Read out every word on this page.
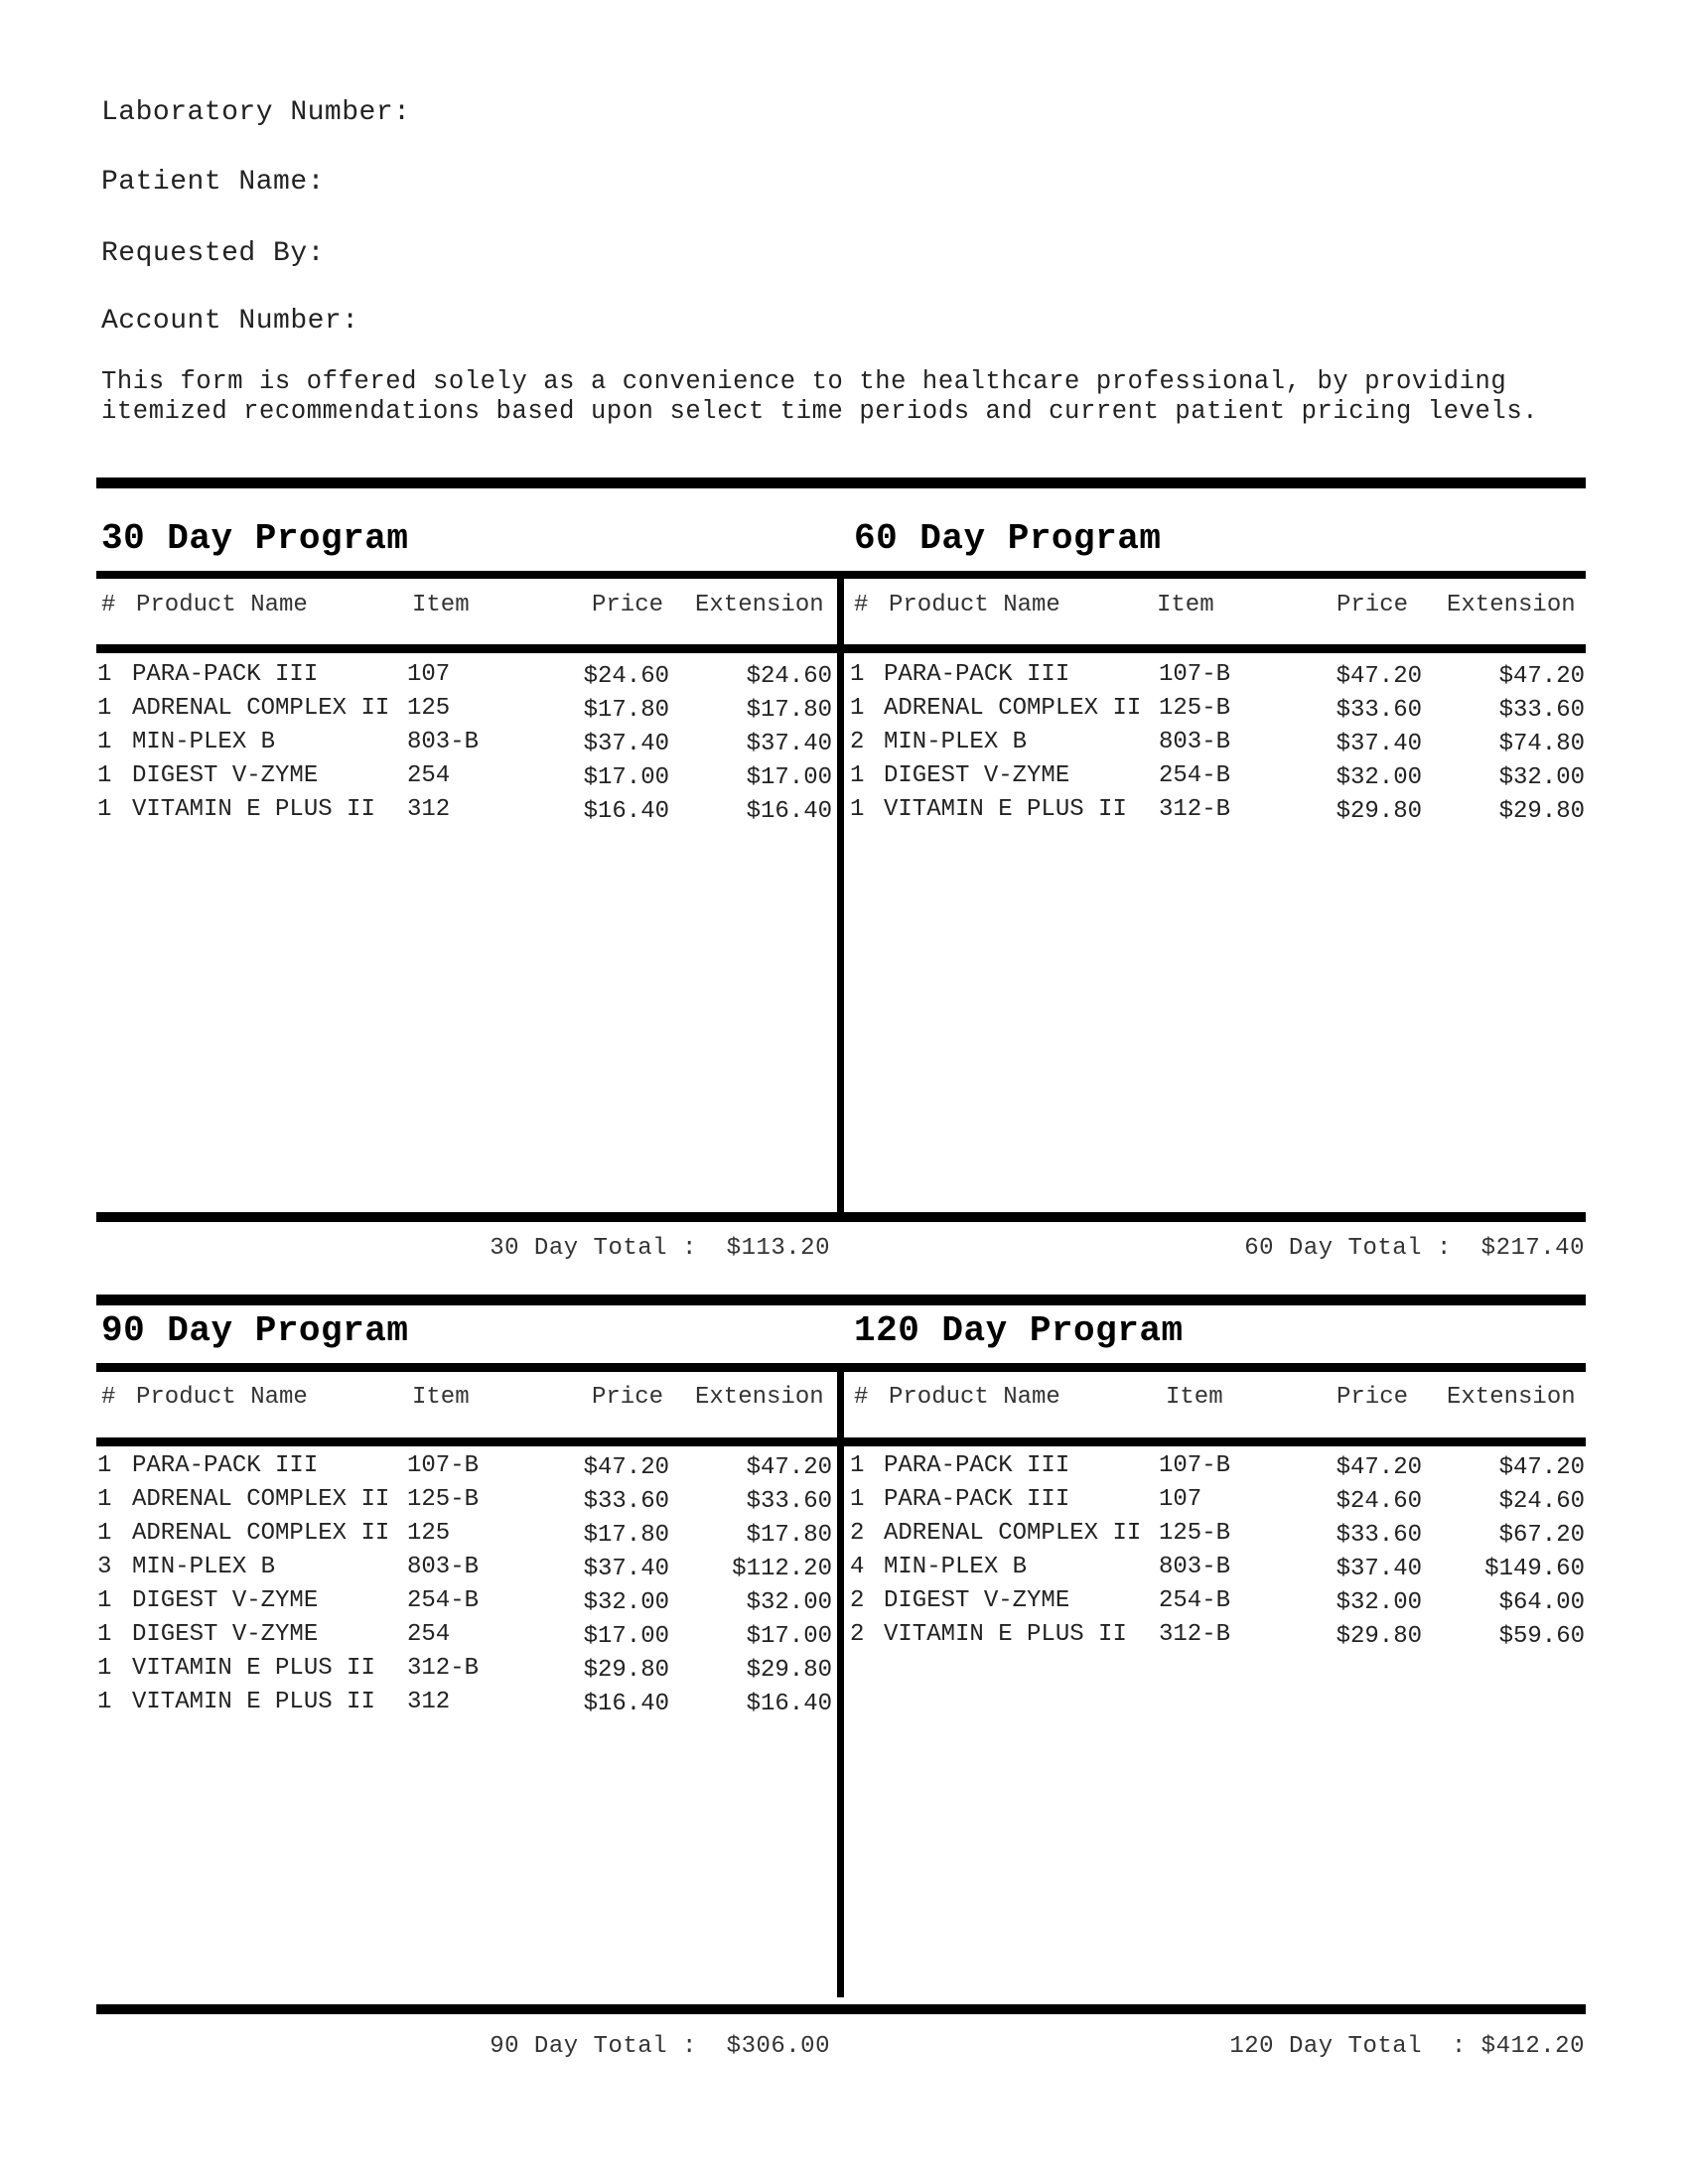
Laboratory Number:
Patient Name:
Requested By:
Account Number:
This form is offered solely as a convenience to the healthcare professional, by providing
itemized recommendations based upon select time periods and current patient pricing levels.
30 Day Program	60 Day Program
# Product Name	Item	Price Extension # Product Name	Item	Price Extension
1 PARA-PACK III	107	$24.60	$24.60
1 ADRENAL COMPLEX II 125	$17.80	$17.80
1 MIN-PLEX B	803-B	$37.40	$37.40
1 DIGEST V-ZYME	254	$17.00	$17.00
1 VITAMIN E PLUS II 312	$16.40	$16.40
1 PARA-PACK III	107-B	$47.20	$47.20
1 ADRENAL COMPLEX II 125-B	$33.60	$33.60
2 MIN-PLEX B	803-B	$37.40	$74.80
1 DIGEST V-ZYME	254-B	$32.00	$32.00
1 VITAMIN E PLUS II 312-B	$29.80	$29.80
30 Day Total : $113.20	60 Day Total : $217.40
90 Day Program	120 Day Program
# Product Name	Item	Price Extension # Product Name	Item	Price Extension
1 PARA-PACK III	107-B	$47.20	$47.20
1 ADRENAL COMPLEX II 125-B	$33.60	$33.60
1 ADRENAL COMPLEX II 125	$17.80	$17.80
3 MIN-PLEX B	803-B	$37.40	$112.20
1 DIGEST V-ZYME	254-B	$32.00	$32.00
1 DIGEST V-ZYME	254	$17.00	$17.00
1 VITAMIN E PLUS II 312-B	$29.80	$29.80
1 VITAMIN E PLUS II 312	$16.40	$16.40
1 PARA-PACK III	107-B	$47.20	$47.20
1 PARA-PACK III	107	$24.60	$24.60
2 ADRENAL COMPLEX II 125-B	$33.60	$67.20
4 MIN-PLEX B	803-B	$37.40	$149.60
2 DIGEST V-ZYME	254-B	$32.00	$64.00
2 VITAMIN E PLUS II 312-B	$29.80	$59.60
90 Day Total : $306.00	120 Day Total  : $412.20
